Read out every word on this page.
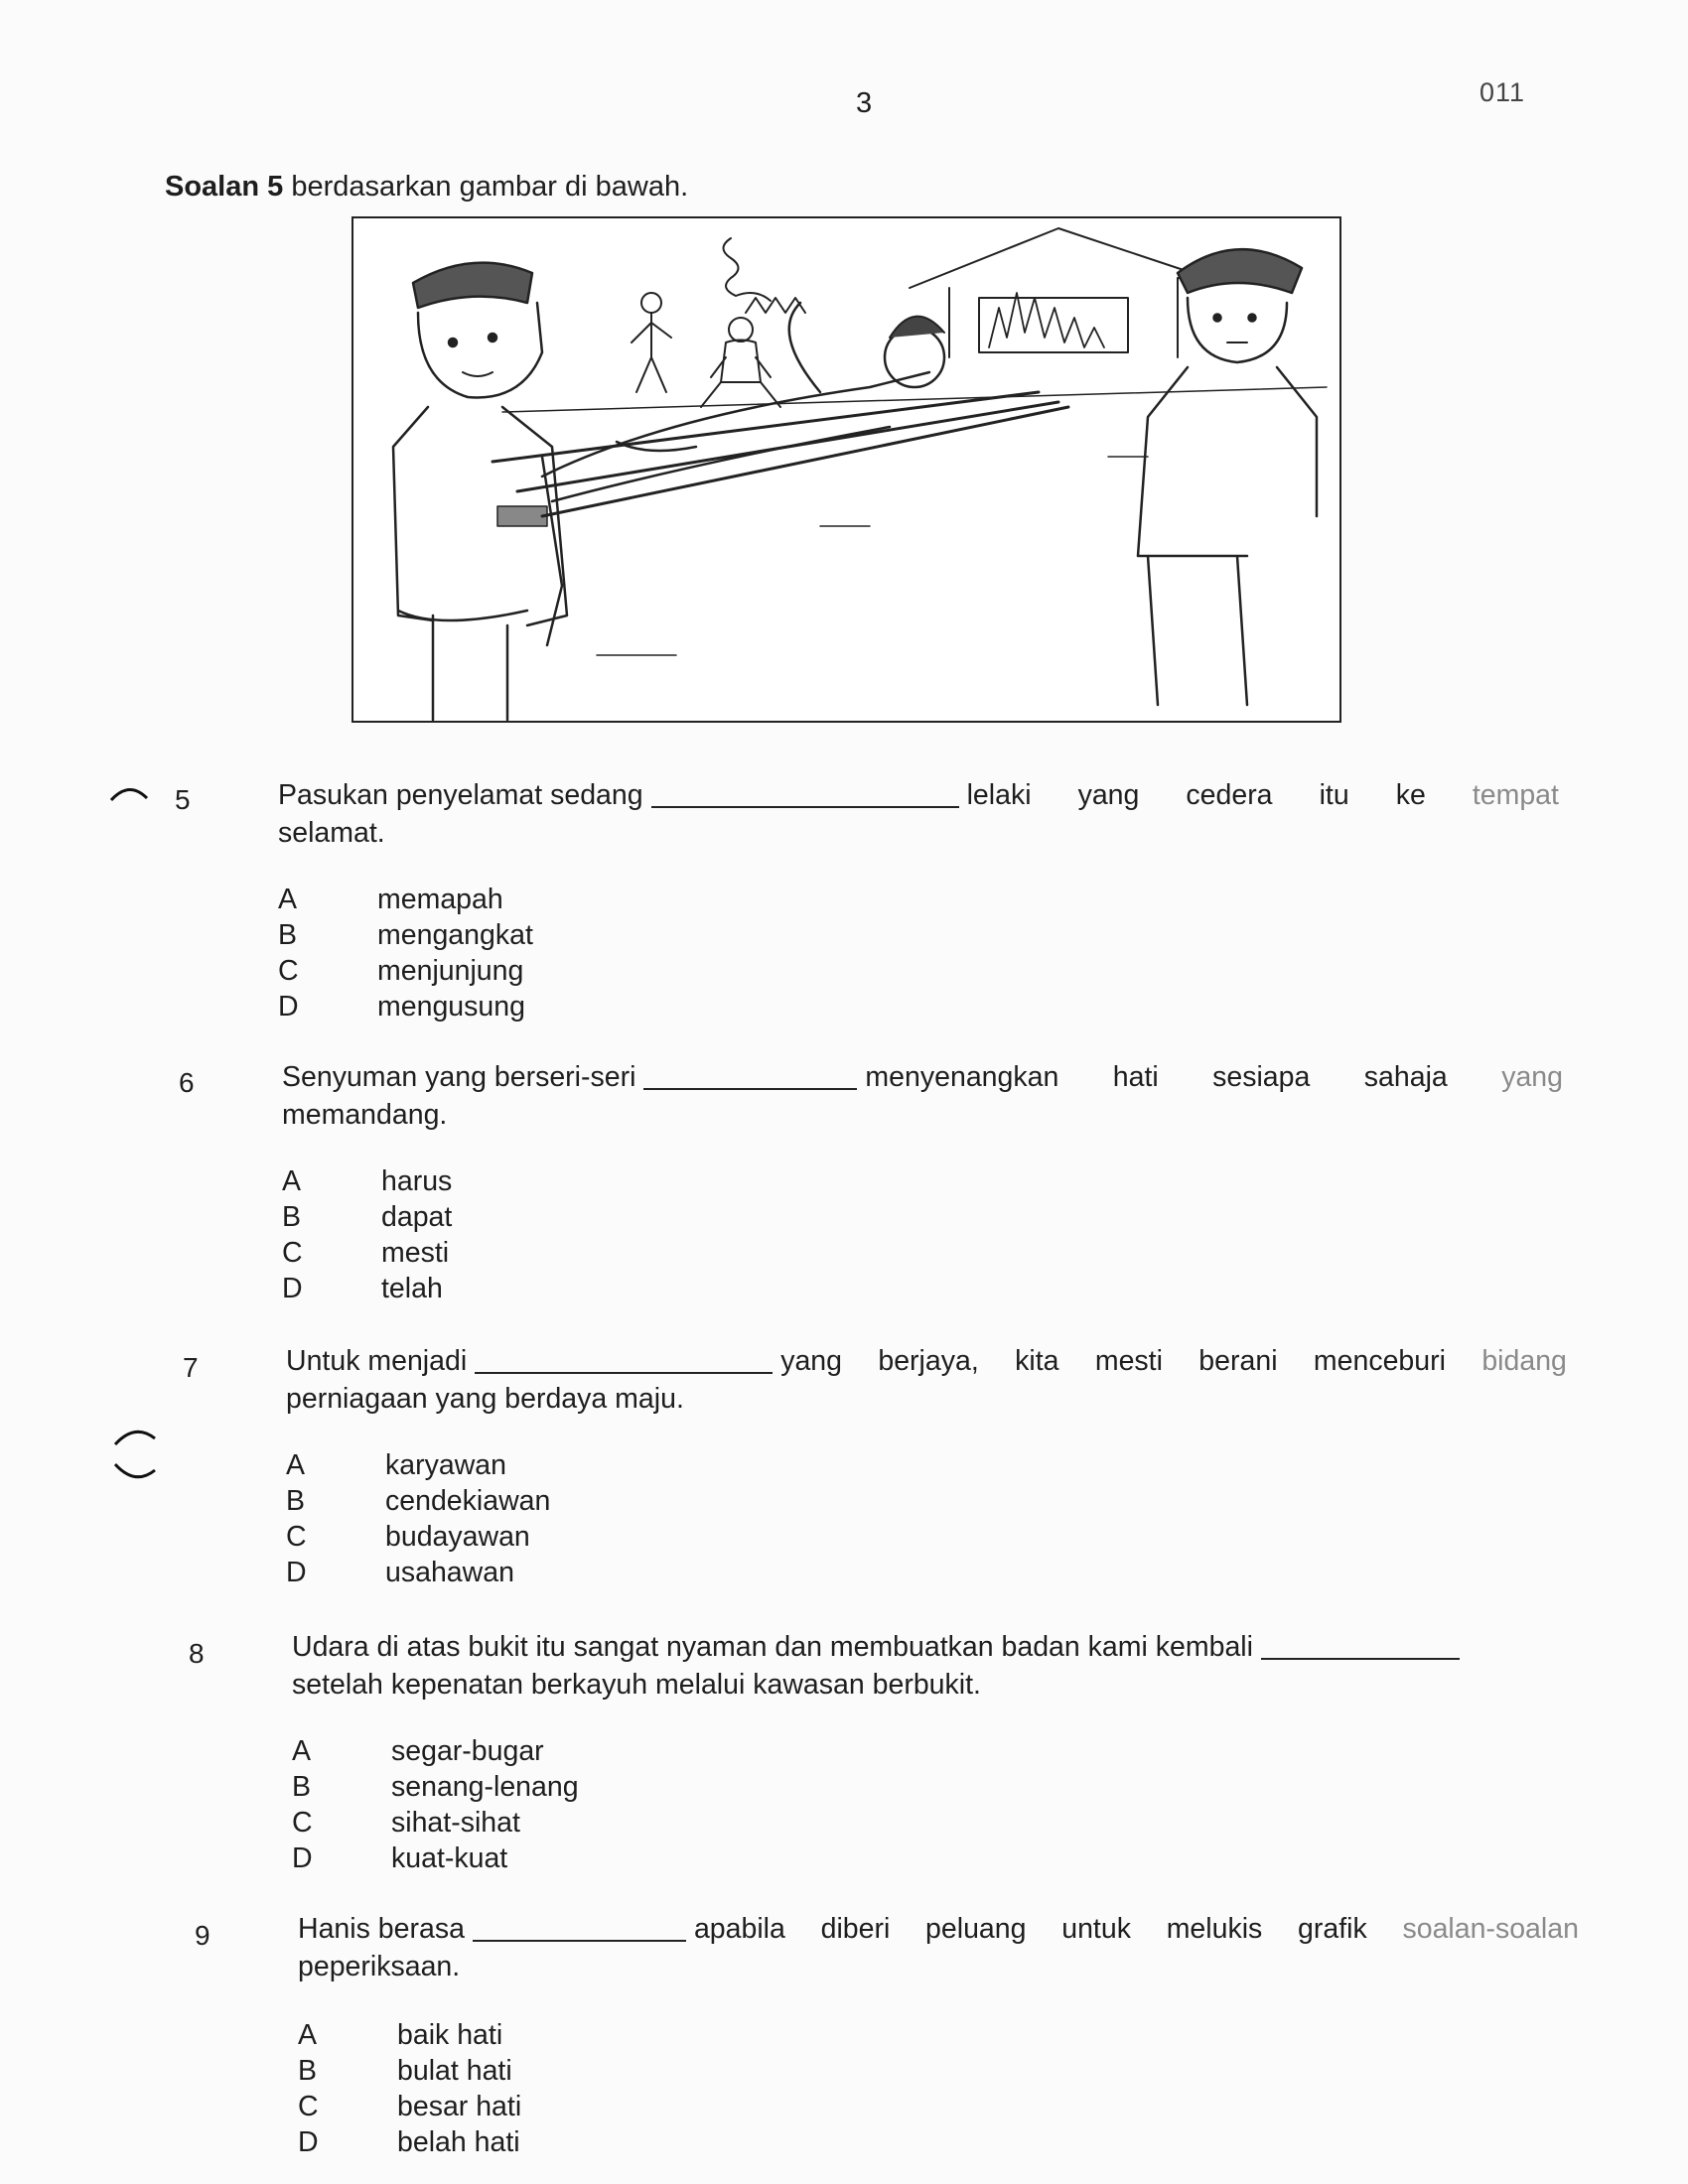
3	011
Soalan 5 berdasarkan gambar di bawah.
5	Pasukan penyelamat sedang	lelaki yang cedera itu ke tempat
selamat.
A	memapah
B	mengangkat
C	menjunjung
D	mengusung
6	Senyuman yang berseri-seri	menyenangkan hati sesiapa sahaja yang
memandang.
A	harus
B	dapat
C	mesti
D	telah
7	Untuk menjadi	yang berjaya, kita mesti berani menceburi bidang
perniagaan yang berdaya maju.
A	karyawan
B	cendekiawan
C	budayawan
D	usahawan
8	Udara di atas bukit itu sangat nyaman dan membuatkan badan kami kembali
setelah kepenatan berkayuh melalui kawasan berbukit.
A	segar-bugar
B	senang-lenang
C	sihat-sihat
D	kuat-kuat
9	Hanis berasa	apabila diberi peluang untuk melukis grafik soalan-soalan
peperiksaan.
A	baik hati
B	bulat hati
C	besar hati
D	belah hati
